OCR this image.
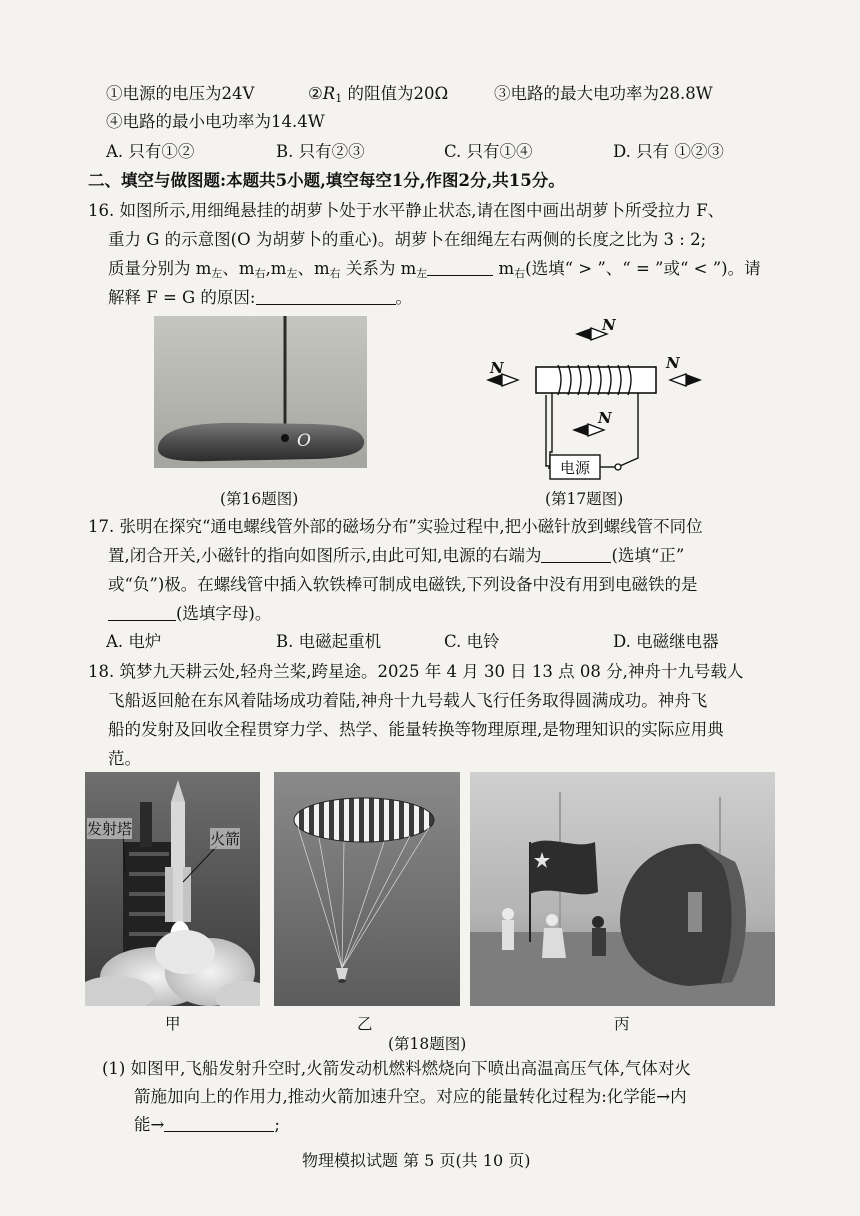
①电源的电压为24V	$②R_1$ 的阻值为20Ω	③电路的最大电功率为28.8W
④电路的最小电功率为14.4W
A. 只有①②	B. 只有②③	C. 只有①④	D. 只有 ①②③
二、填空与做图题:本题共5小题,填空每空1分,作图2分,共15分。
16. 如图所示,用细绳悬挂的胡萝卜处于水平静止状态,请在图中画出胡萝卜所受拉力 F、
重力 G 的示意图(O 为胡萝卜的重心)。胡萝卜在细绳左右两侧的长度之比为 3 : 2;
质量分别为 $m_左$、$m_右,m_左$、$m_右$ 关系为 $m_左$	$m_右$(选填“ > ”、“ = ”或“ < ”)。请
解释 F = G 的原因:	。
O
(第16题图)
N
N	N
N
电源
(第17题图)
17. 张明在探究“通电螺线管外部的磁场分布”实验过程中,把小磁针放到螺线管不同位
置,闭合开关,小磁针的指向如图所示,由此可知,电源的右端为	(选填“正”
或“负”)极。在螺线管中插入软铁棒可制成电磁铁,下列设备中没有用到电磁铁的是
(选填字母)。
A. 电炉	B. 电磁起重机	C. 电铃	D. 电磁继电器
18. 筑梦九天耕云处,轻舟兰桨,跨星途。2025 年 4 月 30 日 13 点 08 分,神舟十九号载人
飞船返回舱在东风着陆场成功着陆,神舟十九号载人飞行任务取得圆满成功。神舟飞
船的发射及回收全程贯穿力学、热学、能量转换等物理原理,是物理知识的实际应用典
范。
发射塔
火箭
甲	乙	丙
(第18题图)
(1) 如图甲,飞船发射升空时,火箭发动机燃料燃烧向下喷出高温高压气体,气体对火
箭施加向上的作用力,推动火箭加速升空。对应的能量转化过程为:化学能→内
能→	;
物理模拟试题 第 5 页(共 10 页)
